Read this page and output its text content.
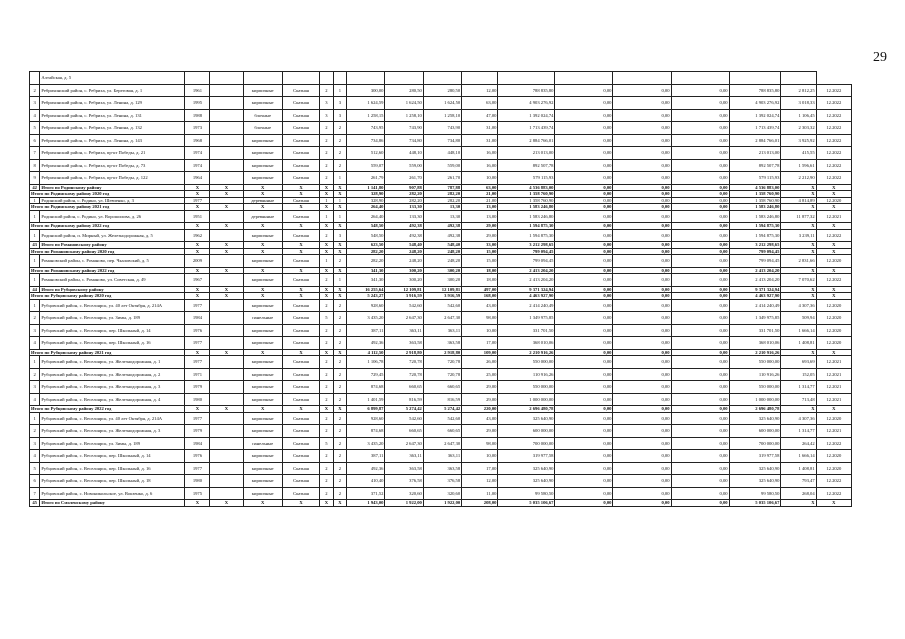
29
	Алтайская, д. 5																	
2	Ребрихинский район, с. Ребриха, ул. Береговая, д. 1	1961		кирпичные	Скатная	2	1	300,00	280,50	280,50	12,00	788 835,80	0,00	0,00	0,00	788 835,80	2 812,25	12.2022
3	Ребрихинский район, с. Ребриха, ул. Ленина, д. 129	1995		кирпичные	Скатная	3	3	1 624,59	1 624,50	1 624,50	63,00	4 903 276,92	0,00	0,00	0,00	4 903 276,92	3 018,33	12.2022
4	Ребрихинский район, с. Ребриха, ул. Ленина, д. 131	1988		блочные	Скатная	3	3	1 258,15	1 258,10	1 258,10	47,00	1 392 024,74	0,00	0,00	0,00	1 392 024,74	1 106,45	12.2022
5	Ребрихинский район, с. Ребриха, ул. Ленина, д. 132	1973		блочные	Скатная	2	2	743,95	743,90	743,90	31,00	1 713 439,74	0,00	0,00	0,00	1 713 439,74	2 303,32	12.2022
6	Ребрихинский район, с. Ребриха, ул. Ленина, д. 143	1968		кирпичные	Скатная	2	2	734,86	734,80	734,80	31,00	2 884 766,01	0,00	0,00	0,00	2 884 766,01	3 925,92	12.2022
7	Ребрихинский район, с. Ребриха, пр-кт Победы, д. 21	1974		кирпичные	Скатная	2	2	512,60	448,10	448,10	16,00	213 013,00	0,00	0,00	0,00	213 013,00	415,55	12.2022
8	Ребрихинский район, с. Ребриха, пр-кт Победы, д. 73	1974		кирпичные	Скатная	2	2	559,07	559,00	559,00	16,00	892 507,78	0,00	0,00	0,00	892 507,78	1 596,61	12.2022
9	Ребрихинский район, с. Ребриха, пр-кт Победы, д. 122	1964		кирпичные	Скатная	2	1	261,79	261,70	261,70	10,00	579 115,93	0,00	0,00	0,00	579 115,93	2 212,90	12.2022
42	Итого по Родинскому району	X	X	X	X	X	X	1 141,80	907,88	787,88	63,00	4 536 883,00	0,00	0,00	0,00	4 536 883,00	X	X
Итого по Родинскому району 2020 год		X	X	X	X	X	X	328,90	282,20	282,20	21,00	1 358 760,90	0,00	0,00	0,00	1 358 760,90	X	X
1	Родинский район, с. Родино, ул. Шевченко, д. 3	1977		деревянные	Скатная	1	1	328,90	282,20	282,20	21,00	1 358 760,90	0,00	0,00	0,00	1 358 760,90	4 814,89	12.2020
Итого по Родинскому району 2021 год		X	X	X	X	X	X	264,40	133,30	13,30	13,00	1 583 246,80	0,00	0,00	0,00	1 583 246,80	X	X
1	Родинский район, с. Родино, ул. Ворошилова, д. 26	1951		деревянные	Скатная	1	1	264,40	133,30	13,30	13,00	1 583 246,80	0,00	0,00	0,00	1 583 246,80	11 877,32	12.2021
Итого по Родинскому району 2022 год		X	X	X	X	X	X	548,50	492,38	492,38	29,00	1 594 875,30	0,00	0,00	0,00	1 594 875,30	X	X
1	Родинский район, п. Мирный, ул. Железнодорожная, д. 5	1962		кирпичные	Скатная	2	3	548,50	492,38	492,38	29,00	1 594 875,30	0,00	0,00	0,00	1 594 875,30	3 239,11	12.2022
43	Итого по Романовскому району	X	X	X	X	X	X	623,50	548,40	548,40	33,00	3 212 298,65	0,00	0,00	0,00	3 212 298,65	X	X
Итого по Романовскому району 2020 год		X	X	X	X	X	X	282,20	248,20	248,20	15,00	799 094,45	0,00	0,00	0,00	799 094,45	X	X
1	Романовский район, с. Романово, пер. Чкаловский, д. 5	2009		кирпичные	Скатная	1	2	282,20	248,20	248,20	15,00	799 094,45	0,00	0,00	0,00	799 094,45	2 831,66	12.2020
Итого по Романовскому району 2022 год		X	X	X	X	X	X	341,30	300,20	300,20	18,00	2 413 204,20	0,00	0,00	0,00	2 413 204,20	X	X
1	Романовский район, с. Романово, ул. Советская, д. 49	1967		кирпичные	Скатная	2	1	341,30	300,20	300,20	18,00	2 413 204,20	0,00	0,00	0,00	2 413 204,20	7 070,62	12.2022
44	Итого по Рубцовскому району	X	X	X	X	X	X	16 255,64	12 109,81	12 109,81	497,00	9 371 324,94	0,00	0,00	0,00	9 371 324,94	X	X
Итого по Рубцовскому району 2020 год		X	X	X	X	X	X	5 243,27	3 916,59	3 916,59	168,00	4 463 927,90	0,00	0,00	0,00	4 463 927,90	X	X
1	Рубцовский район, с. Веселоярск, ул. 40 лет Октября, д. 214А	1977		кирпичные	Скатная	2	2	928,60	542,60	542,60	43,00	2 414 240,49	0,00	0,00	0,00	2 414 240,49	4 307,36	12.2020
2	Рубцовский район, с. Веселоярск, ул. Зимы, д. 189	1984		панельные	Скатная	5	2	3 435,20	2 647,30	2 647,30	98,00	1 349 975,85	0,00	0,00	0,00	1 349 975,85	509,94	12.2020
3	Рубцовский район, с. Веселоярск, пер. Школьный, д. 14	1976		кирпичные	Скатная	2	2	387,11	363,11	363,11	10,00	331 701,50	0,00	0,00	0,00	331 701,50	1 666,14	12.2020
4	Рубцовский район, с. Веселоярск, пер. Школьный, д. 16	1977		кирпичные	Скатная	2	2	492,36	363,58	363,58	17,00	368 010,06	0,00	0,00	0,00	368 010,06	1 408,81	12.2020
Итого по Рубцовскому району 2021 год		X	X	X	X	X	X	4 112,50	2 918,80	2 918,80	109,00	2 210 916,26	0,00	0,00	0,00	2 210 916,26	X	X
1	Рубцовский район, с. Веселоярск, ул. Железнодорожная, д. 1	1977		кирпичные	Скатная	2	2	1 106,78	720,78	720,78	26,00	550 000,00	0,00	0,00	0,00	550 000,00	693,69	12.2021
2	Рубцовский район, с. Веселоярск, ул. Железнодорожная, д. 2	1971		кирпичные	Скатная	2	2	729,45	720,78	720,78	25,00	110 916,26	0,00	0,00	0,00	110 916,26	152,05	12.2021
3	Рубцовский район, с. Веселоярск, ул. Железнодорожная, д. 3	1979		кирпичные	Скатная	2	2	874,68	660,65	660,65	29,00	550 000,00	0,00	0,00	0,00	550 000,00	1 314,77	12.2021
4	Рубцовский район, с. Веселоярск, ул. Железнодорожная, д. 4	1980		кирпичные	Скатная	2	2	1 401,59	816,59	816,59	29,00	1 000 000,00	0,00	0,00	0,00	1 000 000,00	713,48	12.2021
Итого по Рубцовскому району 2022 год		X	X	X	X	X	X	6 899,87	5 274,42	5 274,42	220,00	2 696 480,78	0,00	0,00	0,00	2 696 480,78	X	X
1	Рубцовский район, с. Веселоярск, ул. 40 лет Октября, д. 214А	1977		кирпичные	Скатная	2	2	928,60	542,60	542,60	43,00	325 640,90	0,00	0,00	0,00	325 640,90	4 307,36	12.2020
2	Рубцовский район, с. Веселоярск, ул. Железнодорожная, д. 3	1979		кирпичные	Скатная	2	2	874,68	660,65	660,65	29,00	600 000,00	0,00	0,00	0,00	600 000,00	1 314,77	12.2021
3	Рубцовский район, с. Веселоярск, ул. Зимы, д. 189	1984		панельные	Скатная	5	2	3 435,20	2 647,30	2 647,30	98,00	700 000,00	0,00	0,00	0,00	700 000,00	264,42	12.2022
4	Рубцовский район, с. Веселоярск, пер. Школьный, д. 14	1976		кирпичные	Скатная	2	2	387,11	363,11	363,11	10,00	319 977,58	0,00	0,00	0,00	319 977,58	1 666,14	12.2020
5	Рубцовский район, с. Веселоярск, пер. Школьный, д. 16	1977		кирпичные	Скатная	2	2	492,36	363,58	363,58	17,00	325 640,90	0,00	0,00	0,00	325 640,90	1 408,81	12.2020
6	Рубцовский район, с. Веселоярск, пер. Школьный, д. 18	1980		кирпичные	Скатная	2	2	410,40	376,58	376,58	12,00	325 640,90	0,00	0,00	0,00	325 640,90	793,47	12.2022
7	Рубцовский район, с. Новоникольское, ул. Вокзенко, д. 6	1975		кирпичные	Скатная	2	2	371,52	320,60	320,60	11,00	99 580,50	0,00	0,00	0,00	99 580,50	268,04	12.2022
45	Итого по Смоленскому району	X	X	X	X	X	X	1 943,00	1 922,00	1 922,00	208,00	5 035 106,67	0,00	0,00	0,00	5 035 106,67	X	X
